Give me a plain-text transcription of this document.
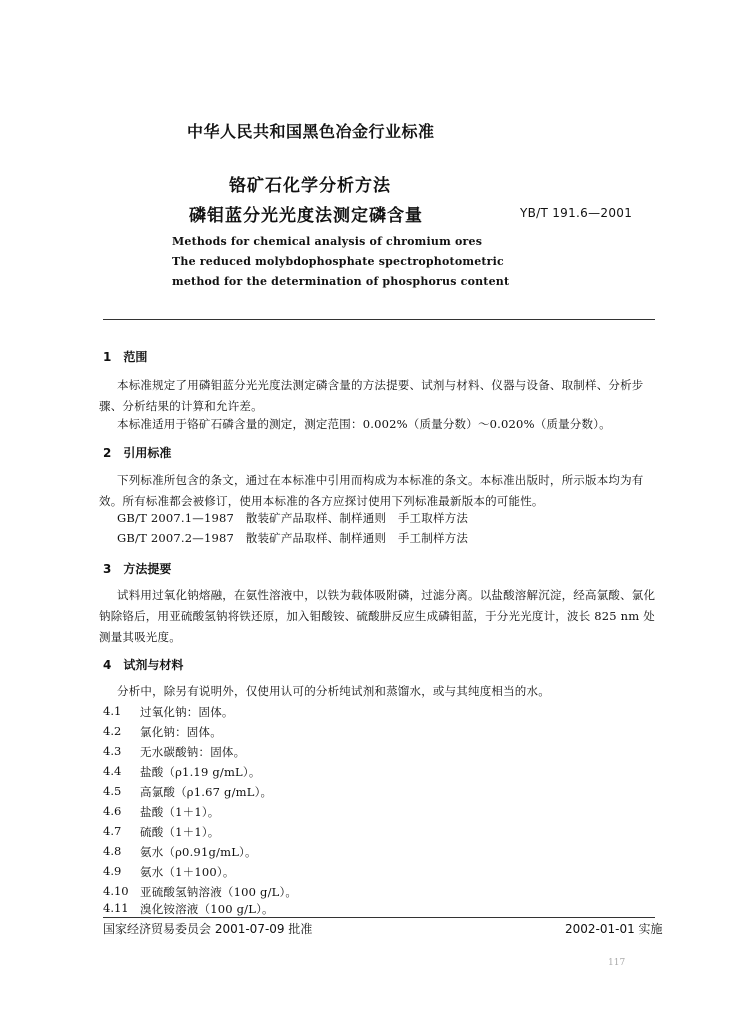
中华人民共和国黑色冶金行业标准
铬矿石化学分析方法
磷钼蓝分光光度法测定磷含量	YB/T 191.6—2001
Methods for chemical analysis of chromium ores
The reduced molybdophosphate spectrophotometric
method for the determination of phosphorus content
1　范围
本标准规定了用磷钼蓝分光光度法测定磷含量的方法提要、试剂与材料、仪器与设备、取制样、分析步骤、分析结果的计算和允许差。
本标准适用于铬矿石磷含量的测定，测定范围：0.002%（质量分数）～0.020%（质量分数）。
2　引用标准
下列标准所包含的条文，通过在本标准中引用而构成为本标准的条文。本标准出版时，所示版本均为有效。所有标准都会被修订，使用本标准的各方应探讨使用下列标准最新版本的可能性。
GB/T 2007.1—1987　散装矿产品取样、制样通则　手工取样方法
GB/T 2007.2—1987　散装矿产品取样、制样通则　手工制样方法
3　方法提要
试料用过氧化钠熔融，在氨性溶液中，以铁为载体吸附磷，过滤分离。以盐酸溶解沉淀，经高氯酸、氯化钠除铬后，用亚硫酸氢钠将铁还原，加入钼酸铵、硫酸肼反应生成磷钼蓝，于分光光度计，波长 825 nm 处测量其吸光度。
4　试剂与材料
分析中，除另有说明外，仅使用认可的分析纯试剂和蒸馏水，或与其纯度相当的水。
4.1 过氧化钠：固体。
4.2 氯化钠：固体。
4.3 无水碳酸钠：固体。
4.4 盐酸（ρ1.19 g/mL）。
4.5 高氯酸（ρ1.67 g/mL）。
4.6 盐酸（1＋1）。
4.7 硫酸（1＋1）。
4.8 氨水（ρ0.91g/mL）。
4.9 氨水（1＋100）。
4.10 亚硫酸氢钠溶液（100 g/L）。
4.11 溴化铵溶液（100 g/L）。
国家经济贸易委员会 2001-07-09 批准	2002-01-01 实施
117
